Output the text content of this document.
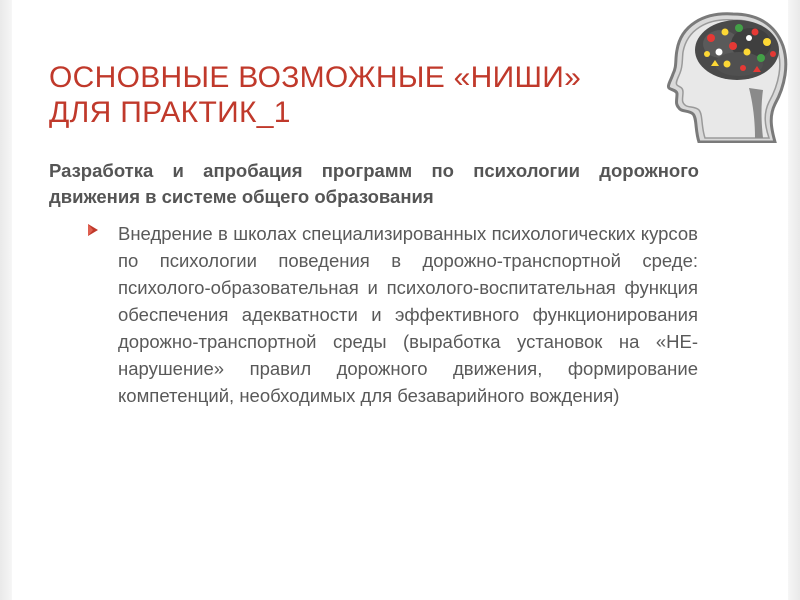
ОСНОВНЫЕ ВОЗМОЖНЫЕ «НИШИ»
ДЛЯ ПРАКТИК_1
Разработка и апробация программ по психологии дорожного движения в системе общего образования
Внедрение в школах специализированных психологических курсов по психологии поведения в дорожно-транспортной среде: психолого-образовательная и психолого-воспитательная функция обеспечения адекватности и эффективного функционирования дорожно-транспортной среды (выработка установок на «НЕ-нарушение» правил дорожного движения, формирование компетенций, необходимых для безаварийного вождения)
